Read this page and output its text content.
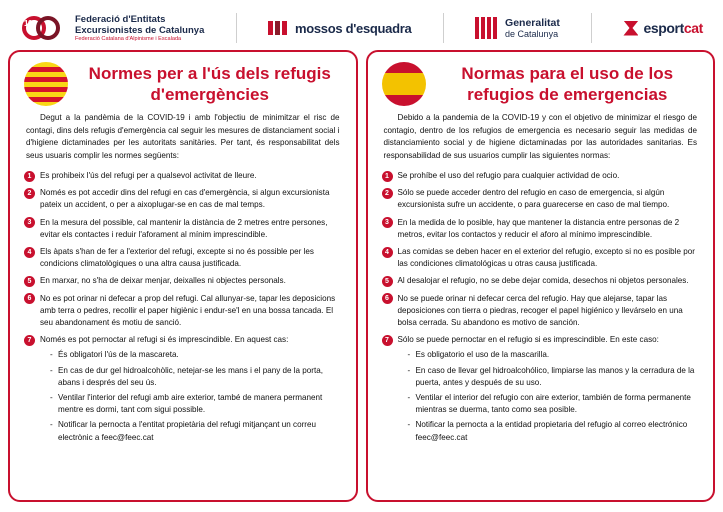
100	Federació d'Entitats
Excursionistes de Catalunya
Federació Catalana d'Alpinisme i Escalada
mossos d'esquadra	Generalitat
de Catalunya	esportcat
Normes per a l'ús dels refugis d'emergències
Degut a la pandèmia de la COVID-19 i amb l'objectiu de minimitzar el risc de contagi, dins dels refugis d'emergència cal seguir les mesures de distanciament social i d'higiene dictaminades per les autoritats sanitàries. Per tant, és responsabilitat dels seus usuaris complir les normes següents:
1	Es prohibeix l'ús del refugi per a qualsevol activitat de lleure.
2	Només es pot accedir dins del refugi en cas d'emergència, si algun excursionista pateix un accident, o per a aixoplugar-se en cas de mal temps.
3	En la mesura del possible, cal mantenir la distància de 2 metres entre persones, evitar els contactes i reduir l'aforament al mínim imprescindible.
4	Els àpats s'han de fer a l'exterior del refugi, excepte si no és possible per les condicions climatològiques o una altra causa justificada.
5	En marxar, no s'ha de deixar menjar, deixalles ni objectes personals.
6	No es pot orinar ni defecar a prop del refugi. Cal allunyar-se, tapar les deposicions amb terra o pedres, recollir el paper higiènic i endur-se'l en una bossa tancada. El seu abandonament és motiu de sanció.
7	Només es pot pernoctar al refugi si és imprescindible. En aquest cas:
- És obligatori l'ús de la mascareta.
- En cas de dur gel hidroalcohòlic, netejar-se les mans i el pany de la porta, abans i després del seu ús.
- Ventilar l'interior del refugi amb aire exterior, també de manera permanent mentre es dormi, tant com sigui possible.
- Notificar la pernocta a l'entitat propietària del refugi mitjançant un correu electrònic a feec@feec.cat
Normas para el uso de los refugios de emergencias
Debido a la pandemia de la COVID-19 y con el objetivo de minimizar el riesgo de contagio, dentro de los refugios de emergencia es necesario seguir las medidas de distanciamiento social y de higiene dictaminadas por las autoridades sanitarias. Es responsabilidad de sus usuarios cumplir las siguientes normas:
1	Se prohíbe el uso del refugio para cualquier actividad de ocio.
2	Sólo se puede acceder dentro del refugio en caso de emergencia, si algún excursionista sufre un accidente, o para guarecerse en caso de mal tiempo.
3	En la medida de lo posible, hay que mantener la distancia entre personas de 2 metros, evitar los contactos y reducir el aforo al mínimo imprescindible.
4	Las comidas se deben hacer en el exterior del refugio, excepto si no es posible por las condiciones climatológicas u otras causa justificada.
5	Al desalojar el refugio, no se debe dejar comida, desechos ni objetos personales.
6	No se puede orinar ni defecar cerca del refugio. Hay que alejarse, tapar las deposiciones con tierra o piedras, recoger el papel higiénico y llevárselo en una bolsa cerrada. Su abandono es motivo de sanción.
7	Sólo se puede pernoctar en el refugio si es imprescindible. En este caso:
- Es obligatorio el uso de la mascarilla.
- En caso de llevar gel hidroalcohólico, limpiarse las manos y la cerradura de la puerta, antes y después de su uso.
- Ventilar el interior del refugio con aire exterior, también de forma permanente mientras se duerma, tanto como sea posible.
- Notificar la pernocta a la entidad propietaria del refugio al correo electrónico feec@feec.cat
